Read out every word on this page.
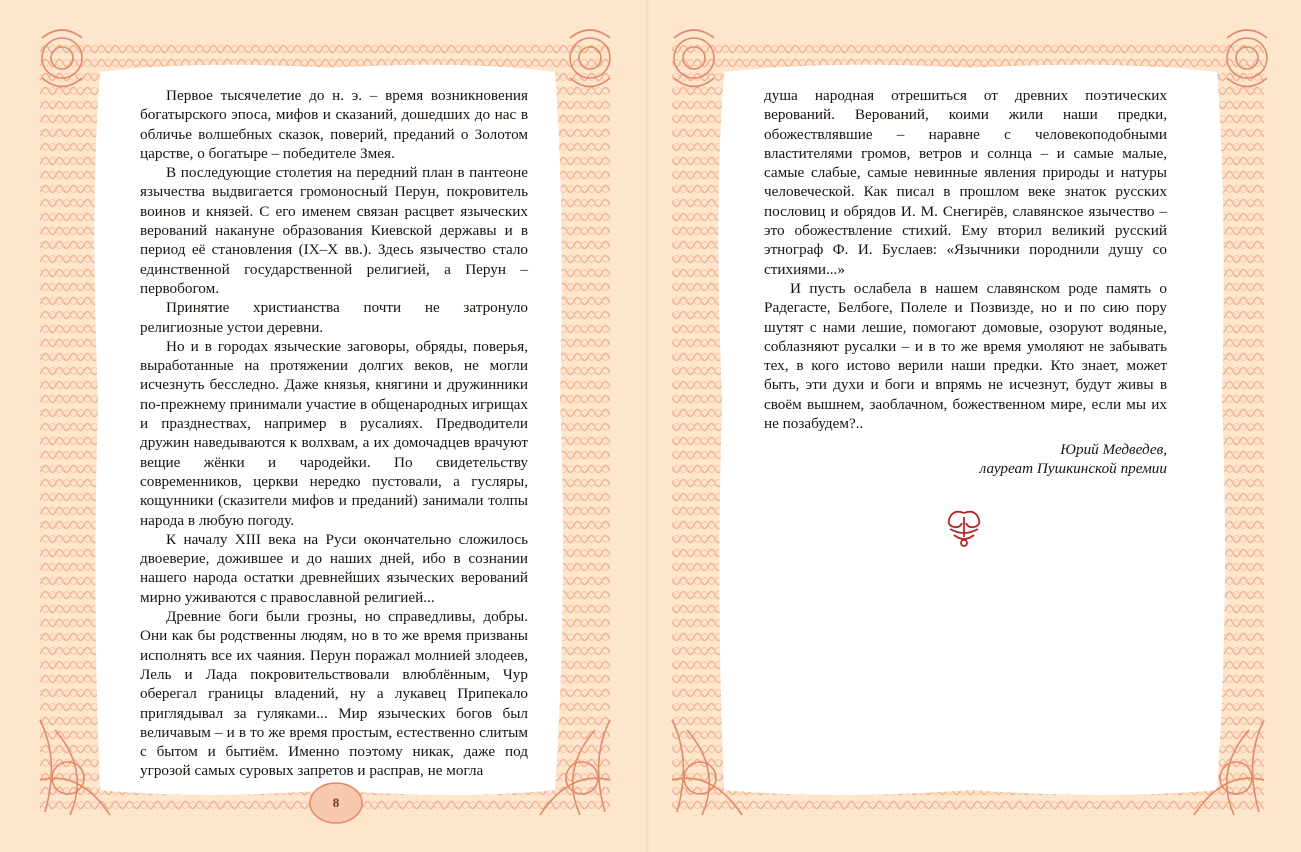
Первое тысячелетие до н. э. – время возникновения богатырского эпоса, мифов и сказаний, дошедших до нас в обличье волшебных сказок, поверий, преданий о Золотом царстве, о богатыре – победителе Змея.

В последующие столетия на передний план в пантеоне язычества выдвигается громоносный Перун, покровитель воинов и князей. С его именем связан расцвет языческих верований накануне образования Киевской державы и в период её становления (IX–X вв.). Здесь язычество стало единственной государственной религией, а Перун – первобогом.

Принятие христианства почти не затронуло религиозные устои деревни.

Но и в городах языческие заговоры, обряды, поверья, выработанные на протяжении долгих веков, не могли исчезнуть бесследно. Даже князья, княгини и дружинники по-прежнему принимали участие в общенародных игрищах и празднествах, например в русалиях. Предводители дружин наведываются к волхвам, а их домочадцев врачуют вещие жёнки и чародейки. По свидетельству современников, церкви нередко пустовали, а гусляры, кощунники (сказители мифов и преданий) занимали толпы народа в любую погоду.

К началу XIII века на Руси окончательно сложилось двоеверие, дожившее и до наших дней, ибо в сознании нашего народа остатки древнейших языческих верований мирно уживаются с православной религией...

Древние боги были грозны, но справедливы, добры. Они как бы родственны людям, но в то же время призваны исполнять все их чаяния. Перун поражал молнией злодеев, Лель и Лада покровительствовали влюблённым, Чур оберегал границы владений, ну а лукавец Припекало приглядывал за гуляками... Мир языческих богов был величавым – и в то же время простым, естественно слитым с бытом и бытиём. Именно поэтому никак, даже под угрозой самых суровых запретов и расправ, не могла

8

душа народная отрешиться от древних поэтических верований. Верований, коими жили наши предки, обожествлявшие – наравне с человекоподобными властителями громов, ветров и солнца – и самые малые, самые слабые, самые невинные явления природы и натуры человеческой. Как писал в прошлом веке знаток русских пословиц и обрядов И. М. Снегирёв, славянское язычество – это обожествление стихий. Ему вторил великий русский этнограф Ф. И. Буслаев: «Язычники породнили душу со стихиями...»

И пусть ослабела в нашем славянском роде память о Радегасте, Белбоге, Полеле и Позвизде, но и по сию пору шутят с нами лешие, помогают домовые, озоруют водяные, соблазняют русалки – и в то же время умоляют не забывать тех, в кого истово верили наши предки. Кто знает, может быть, эти духи и боги и впрямь не исчезнут, будут живы в своём вышнем, заоблачном, божественном мире, если мы их не позабудем?..

Юрий Медведев,
лауреат Пушкинской премии
